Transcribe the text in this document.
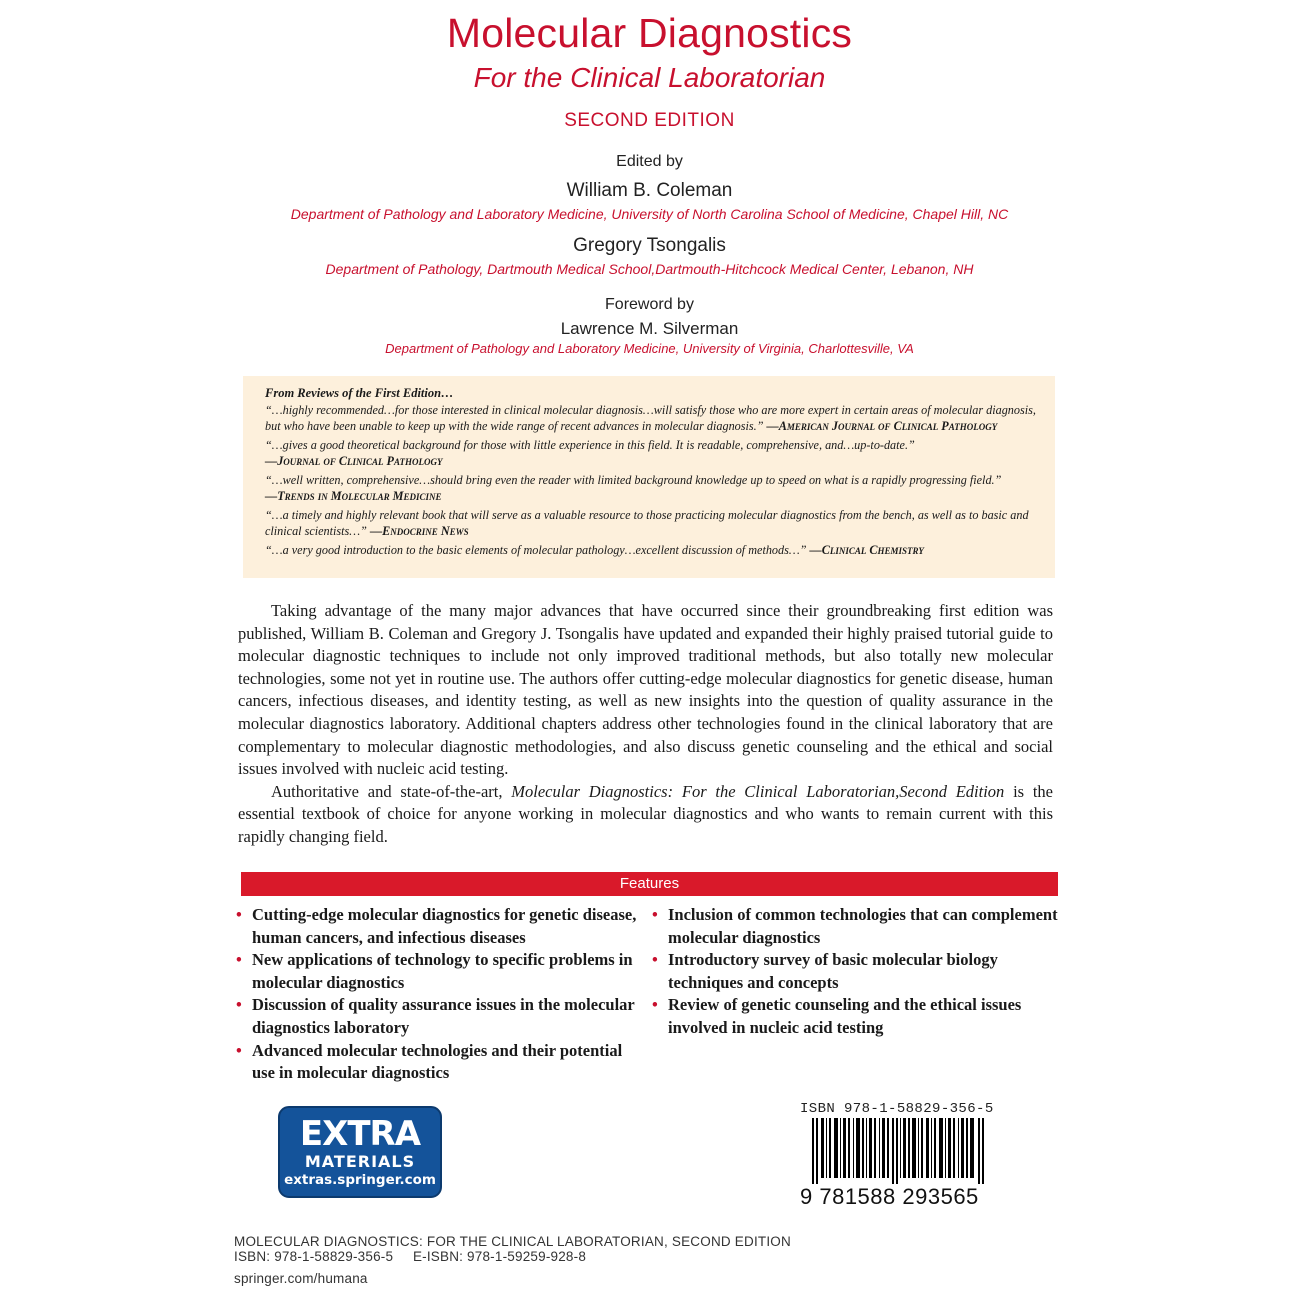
Molecular Diagnostics
For the Clinical Laboratorian
SECOND EDITION
Edited by
William B. Coleman
Department of Pathology and Laboratory Medicine, University of North Carolina School of Medicine, Chapel Hill, NC
Gregory Tsongalis
Department of Pathology, Dartmouth Medical School,Dartmouth-Hitchcock Medical Center, Lebanon, NH
Foreword by
Lawrence M. Silverman
Department of Pathology and Laboratory Medicine, University of Virginia, Charlottesville, VA
From Reviews of the First Edition…
“…highly recommended…for those interested in clinical molecular diagnosis…will satisfy those who are more expert in certain areas of molecular diagnosis, but who have been unable to keep up with the wide range of recent advances in molecular diagnosis.” —American Journal of Clinical Pathology
“…gives a good theoretical background for those with little experience in this field. It is readable, comprehensive, and…up-to-date.”
—Journal of Clinical Pathology
“…well written, comprehensive…should bring even the reader with limited background knowledge up to speed on what is a rapidly progressing field.”
—Trends in Molecular Medicine
“…a timely and highly relevant book that will serve as a valuable resource to those practicing molecular diagnostics from the bench, as well as to basic and clinical scientists…” —Endocrine News
“…a very good introduction to the basic elements of molecular pathology…excellent discussion of methods…” —Clinical Chemistry

Taking advantage of the many major advances that have occurred since their groundbreaking first edition was published, William B. Coleman and Gregory J. Tsongalis have updated and expanded their highly praised tutorial guide to molecular diagnostic techniques to include not only improved traditional methods, but also totally new molecular technologies, some not yet in routine use. The authors offer cutting-edge molecular diagnostics for genetic disease, human cancers, infectious diseases, and identity testing, as well as new insights into the question of quality assurance in the molecular diagnostics laboratory. Additional chapters address other technologies found in the clinical laboratory that are complementary to molecular diagnostic methodologies, and also discuss genetic counseling and the ethical and social issues involved with nucleic acid testing.

Authoritative and state-of-the-art, Molecular Diagnostics: For the Clinical Laboratorian,Second Edition is the essential textbook of choice for anyone working in molecular diagnostics and who wants to remain current with this rapidly changing field.

Features
• Cutting-edge molecular diagnostics for genetic disease, human cancers, and infectious diseases
• New applications of technology to specific problems in molecular diagnostics
• Discussion of quality assurance issues in the molecular diagnostics laboratory
• Advanced molecular technologies and their potential use in molecular diagnostics
• Inclusion of common technologies that can complement molecular diagnostics
• Introductory survey of basic molecular biology techniques and concepts
• Review of genetic counseling and the ethical issues involved in nucleic acid testing
EXTRA
MATERIALS
extras.springer.com
ISBN 978-1-58829-356-5
9 781588 293565
MOLECULAR DIAGNOSTICS: FOR THE CLINICAL LABORATORIAN, SECOND EDITION
ISBN: 978-1-58829-356-5     E-ISBN: 978-1-59259-928-8
springer.com/humana
